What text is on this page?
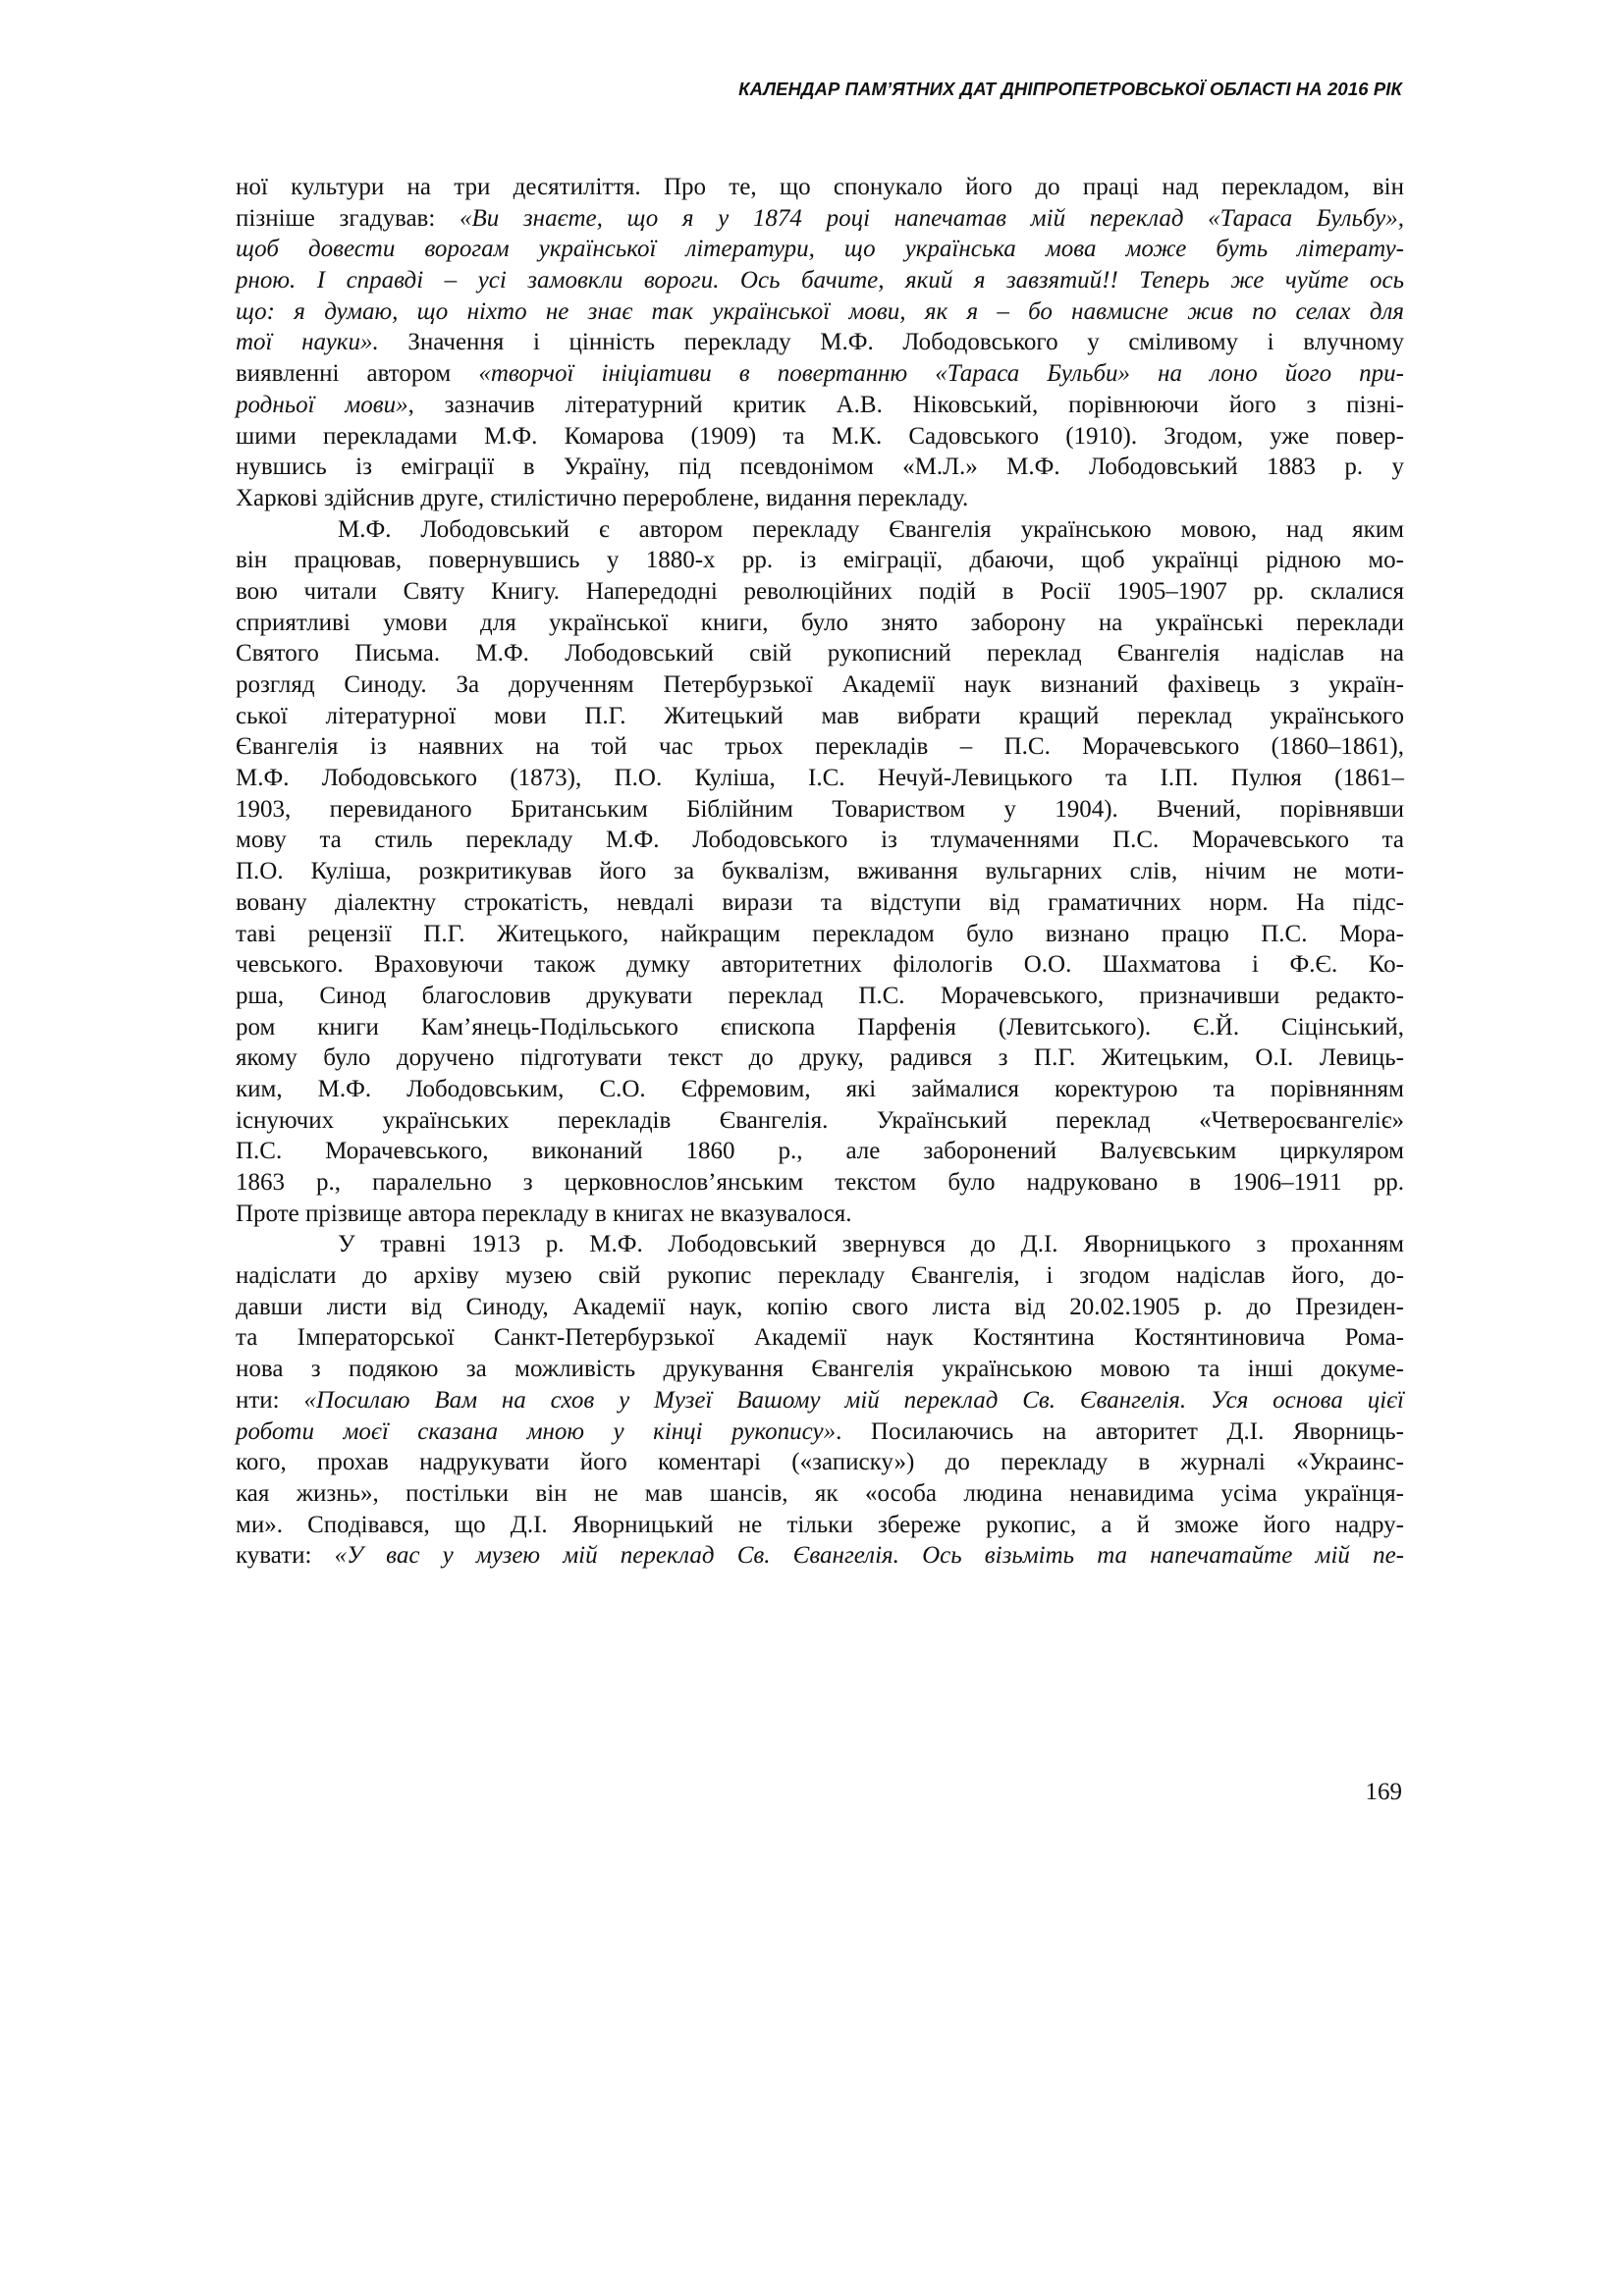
КАЛЕНДАР ПАМ’ЯТНИХ ДАТ ДНІПРОПЕТРОВСЬКОЇ ОБЛАСТІ НА 2016 РІК
ної культури на три десятиліття. Про те, що спонукало його до праці над перекладом, він
пізніше згадував: «Ви знаєте, що я у 1874 році напечатав мій переклад «Тараса Бульбу»,
щоб довести ворогам української літератури, що українська мова може буть літерату-
рною. І справді – усі замовкли вороги. Ось бачите, який я завзятий!! Теперь же чуйте ось
що: я думаю, що ніхто не знає так української мови, як я – бо навмисне жив по селах для
тої науки». Значення і цінність перекладу М.Ф. Лободовського у сміливому і влучному
виявленні автором «творчої ініціативи в повертанню «Тараса Бульби» на лоно його при-
родньої мови», зазначив літературний критик А.В. Ніковський, порівнюючи його з пізні-
шими перекладами М.Ф. Комарова (1909) та М.К. Садовського (1910). Згодом, уже повер-
нувшись із еміграції в Україну, під псевдонімом «М.Л.» М.Ф. Лободовський 1883 р. у
Харкові здійснив друге, стилістично перероблене, видання перекладу.
М.Ф. Лободовський є автором перекладу Євангелія українською мовою, над яким
він працював, повернувшись у 1880-х рр. із еміграції, дбаючи, щоб українці рідною мо-
вою читали Святу Книгу. Напередодні революційних подій в Росії 1905–1907 рр. склалися
сприятливі умови для української книги, було знято заборону на українські переклади
Святого Письма. М.Ф. Лободовський свій рукописний переклад Євангелія надіслав на
розгляд Синоду. За дорученням Петербурзької Академії наук визнаний фахівець з україн-
ської літературної мови П.Г. Житецький мав вибрати кращий переклад українського
Євангелія із наявних на той час трьох перекладів – П.С. Морачевського (1860–1861),
М.Ф. Лободовського (1873), П.О. Куліша, І.С. Нечуй-Левицького та І.П. Пулюя (1861–
1903, перевиданого Британським Біблійним Товариством у 1904). Вчений, порівнявши
мову та стиль перекладу М.Ф. Лободовського із тлумаченнями П.С. Морачевського та
П.О. Куліша, розкритикував його за буквалізм, вживання вульгарних слів, нічим не моти-
вовану діалектну строкатість, невдалі вирази та відступи від граматичних норм. На підс-
таві рецензії П.Г. Житецького, найкращим перекладом було визнано працю П.С. Мора-
чевського. Враховуючи також думку авторитетних філологів О.О. Шахматова і Ф.Є. Ко-
рша, Синод благословив друкувати переклад П.С. Морачевського, призначивши редакто-
ром книги Кам’янець-Подільського єпископа Парфенія (Левитського). Є.Й. Сіцінський,
якому було доручено підготувати текст до друку, радився з П.Г. Житецьким, О.І. Левиць-
ким, М.Ф. Лободовським, С.О. Єфремовим, які займалися коректурою та порівнянням
існуючих українських перекладів Євангелія. Український переклад «Четвероєвангеліє»
П.С. Морачевського, виконаний 1860 р., але заборонений Валуєвським циркуляром
1863 р., паралельно з церковнослов’янським текстом було надруковано в 1906–1911 рр.
Проте прізвище автора перекладу в книгах не вказувалося.
У травні 1913 р. М.Ф. Лободовський звернувся до Д.І. Яворницького з проханням
надіслати до архіву музею свій рукопис перекладу Євангелія, і згодом надіслав його, до-
давши листи від Синоду, Академії наук, копію свого листа від 20.02.1905 р. до Президен-
та Імператорської Санкт-Петербурзької Академії наук Костянтина Костянтиновича Рома-
нова з подякою за можливість друкування Євангелія українською мовою та інші докуме-
нти: «Посилаю Вам на схов у Музеї Вашому мій переклад Св. Євангелія. Уся основа цієї
роботи моєї сказана мною у кінці рукопису». Посилаючись на авторитет Д.І. Яворниць-
кого, прохав надрукувати його коментарі («записку») до перекладу в журналі «Украинс-
кая жизнь», постільки він не мав шансів, як «особа людина ненавидима усіма українця-
ми». Сподівався, що Д.І. Яворницький не тільки збереже рукопис, а й зможе його надру-
кувати: «У вас у музею мій переклад Св. Євангелія. Ось візьміть та напечатайте мій пе-
169
